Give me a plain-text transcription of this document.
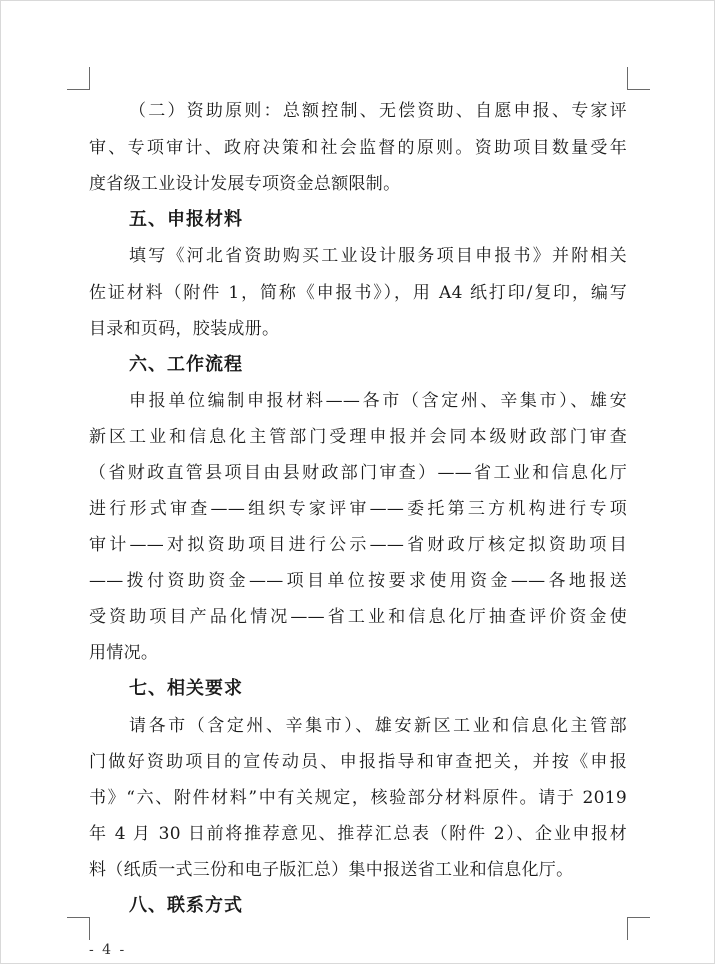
（二）资助原则：总额控制、无偿资助、自愿申报、专家评
审、专项审计、政府决策和社会监督的原则。资助项目数量受年
度省级工业设计发展专项资金总额限制。
五、申报材料
填写《河北省资助购买工业设计服务项目申报书》并附相关
佐证材料（附件 1，简称《申报书》），用 A4 纸打印/复印，编写
目录和页码，胶装成册。
六、工作流程
申报单位编制申报材料——各市（含定州、辛集市）、雄安
新区工业和信息化主管部门受理申报并会同本级财政部门审查
（省财政直管县项目由县财政部门审查）——省工业和信息化厅
进行形式审查——组织专家评审——委托第三方机构进行专项
审计——对拟资助项目进行公示——省财政厅核定拟资助项目
——拨付资助资金——项目单位按要求使用资金——各地报送
受资助项目产品化情况——省工业和信息化厅抽查评价资金使
用情况。
七、相关要求
请各市（含定州、辛集市）、雄安新区工业和信息化主管部
门做好资助项目的宣传动员、申报指导和审查把关，并按《申报
书》“六、附件材料”中有关规定，核验部分材料原件。请于 2019
年 4 月 30 日前将推荐意见、推荐汇总表（附件 2）、企业申报材
料（纸质一式三份和电子版汇总）集中报送省工业和信息化厅。
八、联系方式
- 4 -
